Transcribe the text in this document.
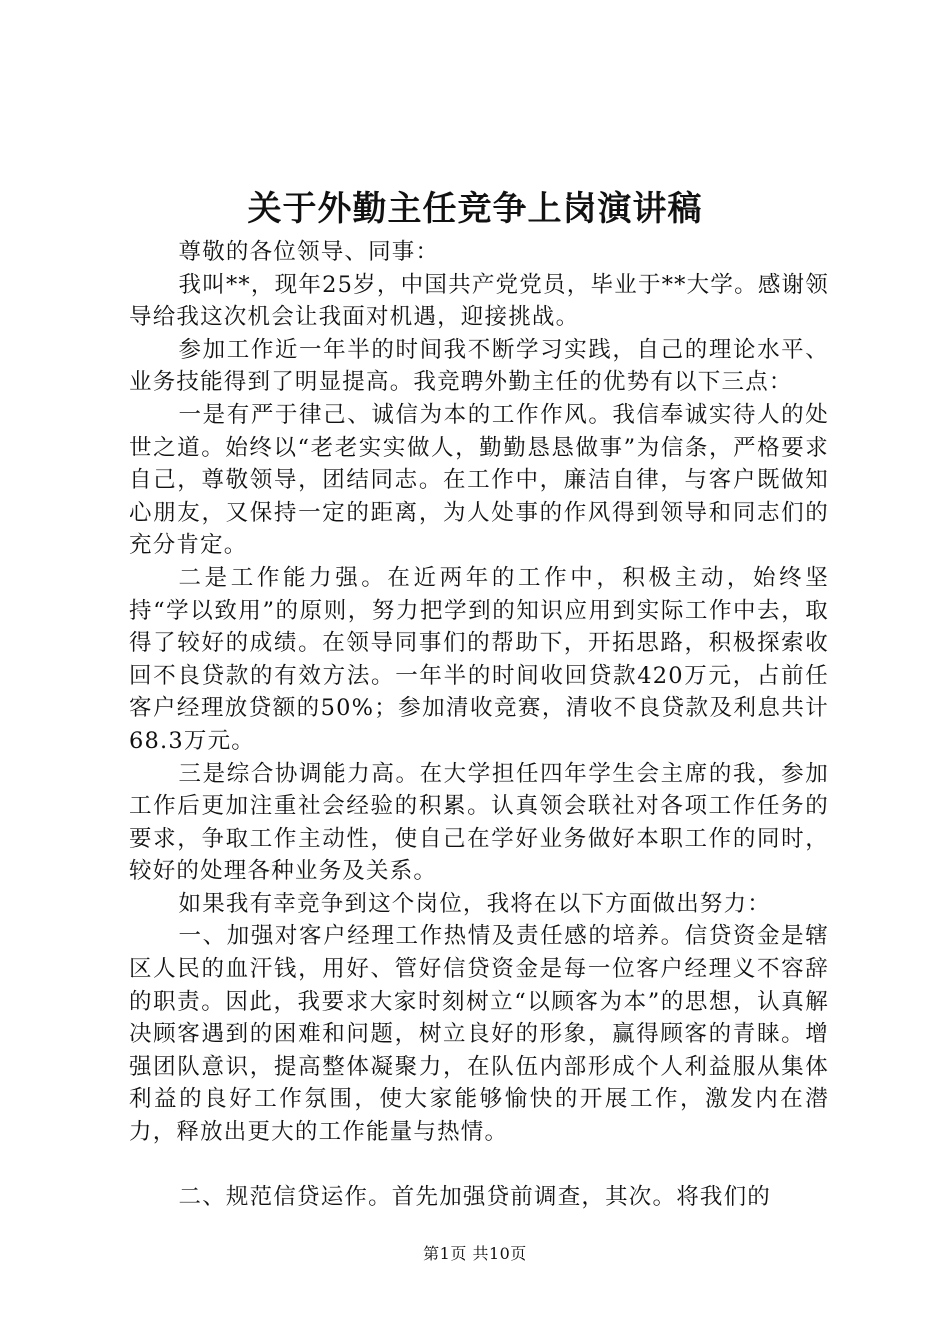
关于外勤主任竞争上岗演讲稿

尊敬的各位领导、同事：

我叫**，现年25岁，中国共产党党员，毕业于**大学。感谢领导给我这次机会让我面对机遇，迎接挑战。

参加工作近一年半的时间我不断学习实践，自己的理论水平、业务技能得到了明显提高。我竞聘外勤主任的优势有以下三点：

一是有严于律己、诚信为本的工作作风。我信奉诚实待人的处世之道。始终以“老老实实做人，勤勤恳恳做事”为信条，严格要求自己，尊敬领导，团结同志。在工作中，廉洁自律，与客户既做知心朋友，又保持一定的距离，为人处事的作风得到领导和同志们的充分肯定。

二是工作能力强。在近两年的工作中，积极主动，始终坚持“学以致用”的原则，努力把学到的知识应用到实际工作中去，取得了较好的成绩。在领导同事们的帮助下，开拓思路，积极探索收回不良贷款的有效方法。一年半的时间收回贷款420万元，占前任客户经理放贷额的50%；参加清收竞赛，清收不良贷款及利息共计68.3万元。

三是综合协调能力高。在大学担任四年学生会主席的我，参加工作后更加注重社会经验的积累。认真领会联社对各项工作任务的要求，争取工作主动性，使自己在学好业务做好本职工作的同时，较好的处理各种业务及关系。

如果我有幸竞争到这个岗位，我将在以下方面做出努力：

一、加强对客户经理工作热情及责任感的培养。信贷资金是辖区人民的血汗钱，用好、管好信贷资金是每一位客户经理义不容辞的职责。因此，我要求大家时刻树立“以顾客为本”的思想，认真解决顾客遇到的困难和问题，树立良好的形象，赢得顾客的青睐。增强团队意识，提高整体凝聚力，在队伍内部形成个人利益服从集体利益的良好工作氛围，使大家能够愉快的开展工作，激发内在潜力，释放出更大的工作能量与热情。

二、规范信贷运作。首先加强贷前调查，其次。将我们的

第1页 共10页
